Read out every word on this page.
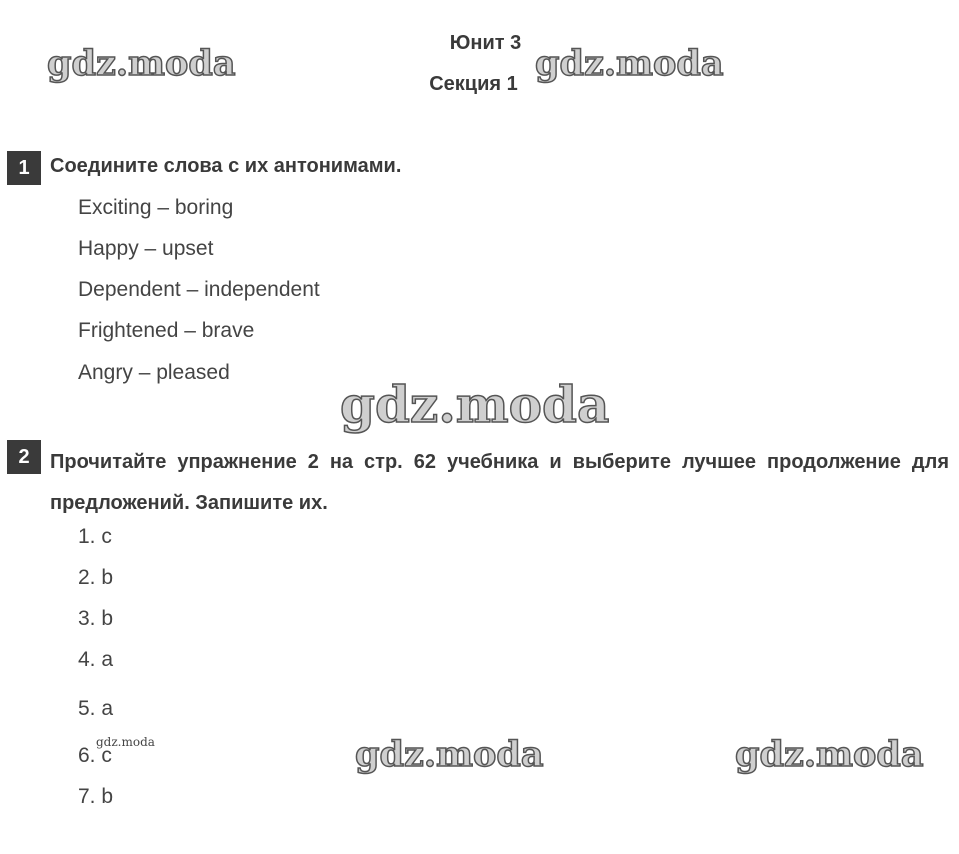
Юнит 3
Секция 1
1	Соедините слова с их антонимами.
Exciting – boring
Happy – upset
Dependent – independent
Frightened – brave
Angry – pleased
2	Прочитайте упражнение 2 на стр. 62 учебника и выберите лучшее продолжение для предложений. Запишите их.
1. c
2. b
3. b
4. a
5. a
6. c
7. b
gdz.moda	gdz.moda
gdz.moda
gdz.moda	gdz.moda	gdz.moda
